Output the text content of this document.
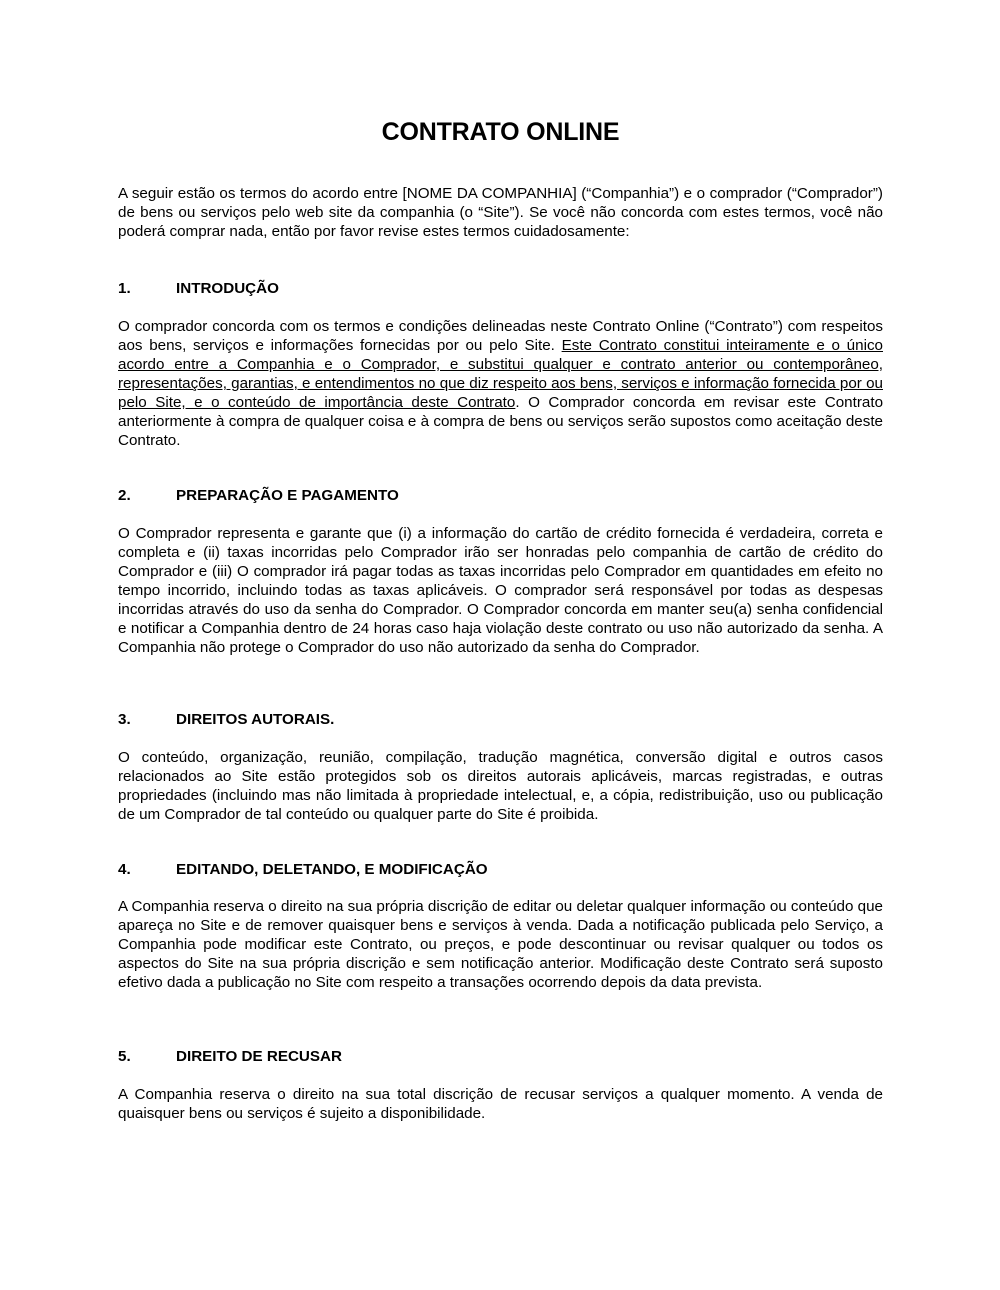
CONTRATO ONLINE
A seguir estão os termos do acordo entre [NOME DA COMPANHIA] (“Companhia”) e o comprador (“Comprador”) de bens ou serviços pelo web site da companhia (o “Site”). Se você não concorda com estes termos, você não poderá comprar nada, então por favor revise estes termos cuidadosamente:
1.	INTRODUÇÃO
O comprador concorda com os termos e condições delineadas neste Contrato Online (“Contrato”) com respeitos aos bens, serviços e informações fornecidas por ou pelo Site. Este Contrato constitui inteiramente e o único acordo entre a Companhia e o Comprador, e substitui qualquer e contrato anterior ou contemporâneo, representações, garantias, e entendimentos no que diz respeito aos bens, serviços e informação fornecida por ou pelo Site, e o conteúdo de importância deste Contrato. O Comprador concorda em revisar este Contrato anteriormente à compra de qualquer coisa e à compra de bens ou serviços serão supostos como aceitação deste Contrato.
2.	PREPARAÇÃO E PAGAMENTO
O Comprador representa e garante que (i) a informação do cartão de crédito fornecida é verdadeira, correta e completa e (ii) taxas incorridas pelo Comprador irão ser honradas pelo companhia de cartão de crédito do Comprador e (iii) O comprador irá pagar todas as taxas incorridas pelo Comprador em quantidades em efeito no tempo incorrido, incluindo todas as taxas aplicáveis. O comprador será responsável por todas as despesas incorridas através do uso da senha do Comprador. O Comprador concorda em manter seu(a) senha confidencial e notificar a Companhia dentro de 24 horas caso haja violação deste contrato ou uso não autorizado da senha. A Companhia não protege o Comprador do uso não autorizado da senha do Comprador.
3.	DIREITOS AUTORAIS.
O conteúdo, organização, reunião, compilação, tradução magnética, conversão digital e outros casos relacionados ao Site estão protegidos sob os direitos autorais aplicáveis, marcas registradas, e outras propriedades (incluindo mas não limitada à propriedade intelectual, e, a cópia, redistribuição, uso ou publicação de um Comprador de tal conteúdo ou qualquer parte do Site é proibida.
4.	EDITANDO, DELETANDO, E MODIFICAÇÃO
A Companhia reserva o direito na sua própria discrição de editar ou deletar qualquer informação ou conteúdo que apareça no Site e de remover quaisquer bens e serviços à venda. Dada a notificação publicada pelo Serviço, a Companhia pode modificar este Contrato, ou preços, e pode descontinuar ou revisar qualquer ou todos os aspectos do Site na sua própria discrição e sem notificação anterior. Modificação deste Contrato será suposto efetivo dada a publicação no Site com respeito a transações ocorrendo depois da data prevista.
5.	DIREITO DE RECUSAR
A Companhia reserva o direito na sua total discrição de recusar serviços a qualquer momento. A venda de quaisquer bens ou serviços é sujeito a disponibilidade.
